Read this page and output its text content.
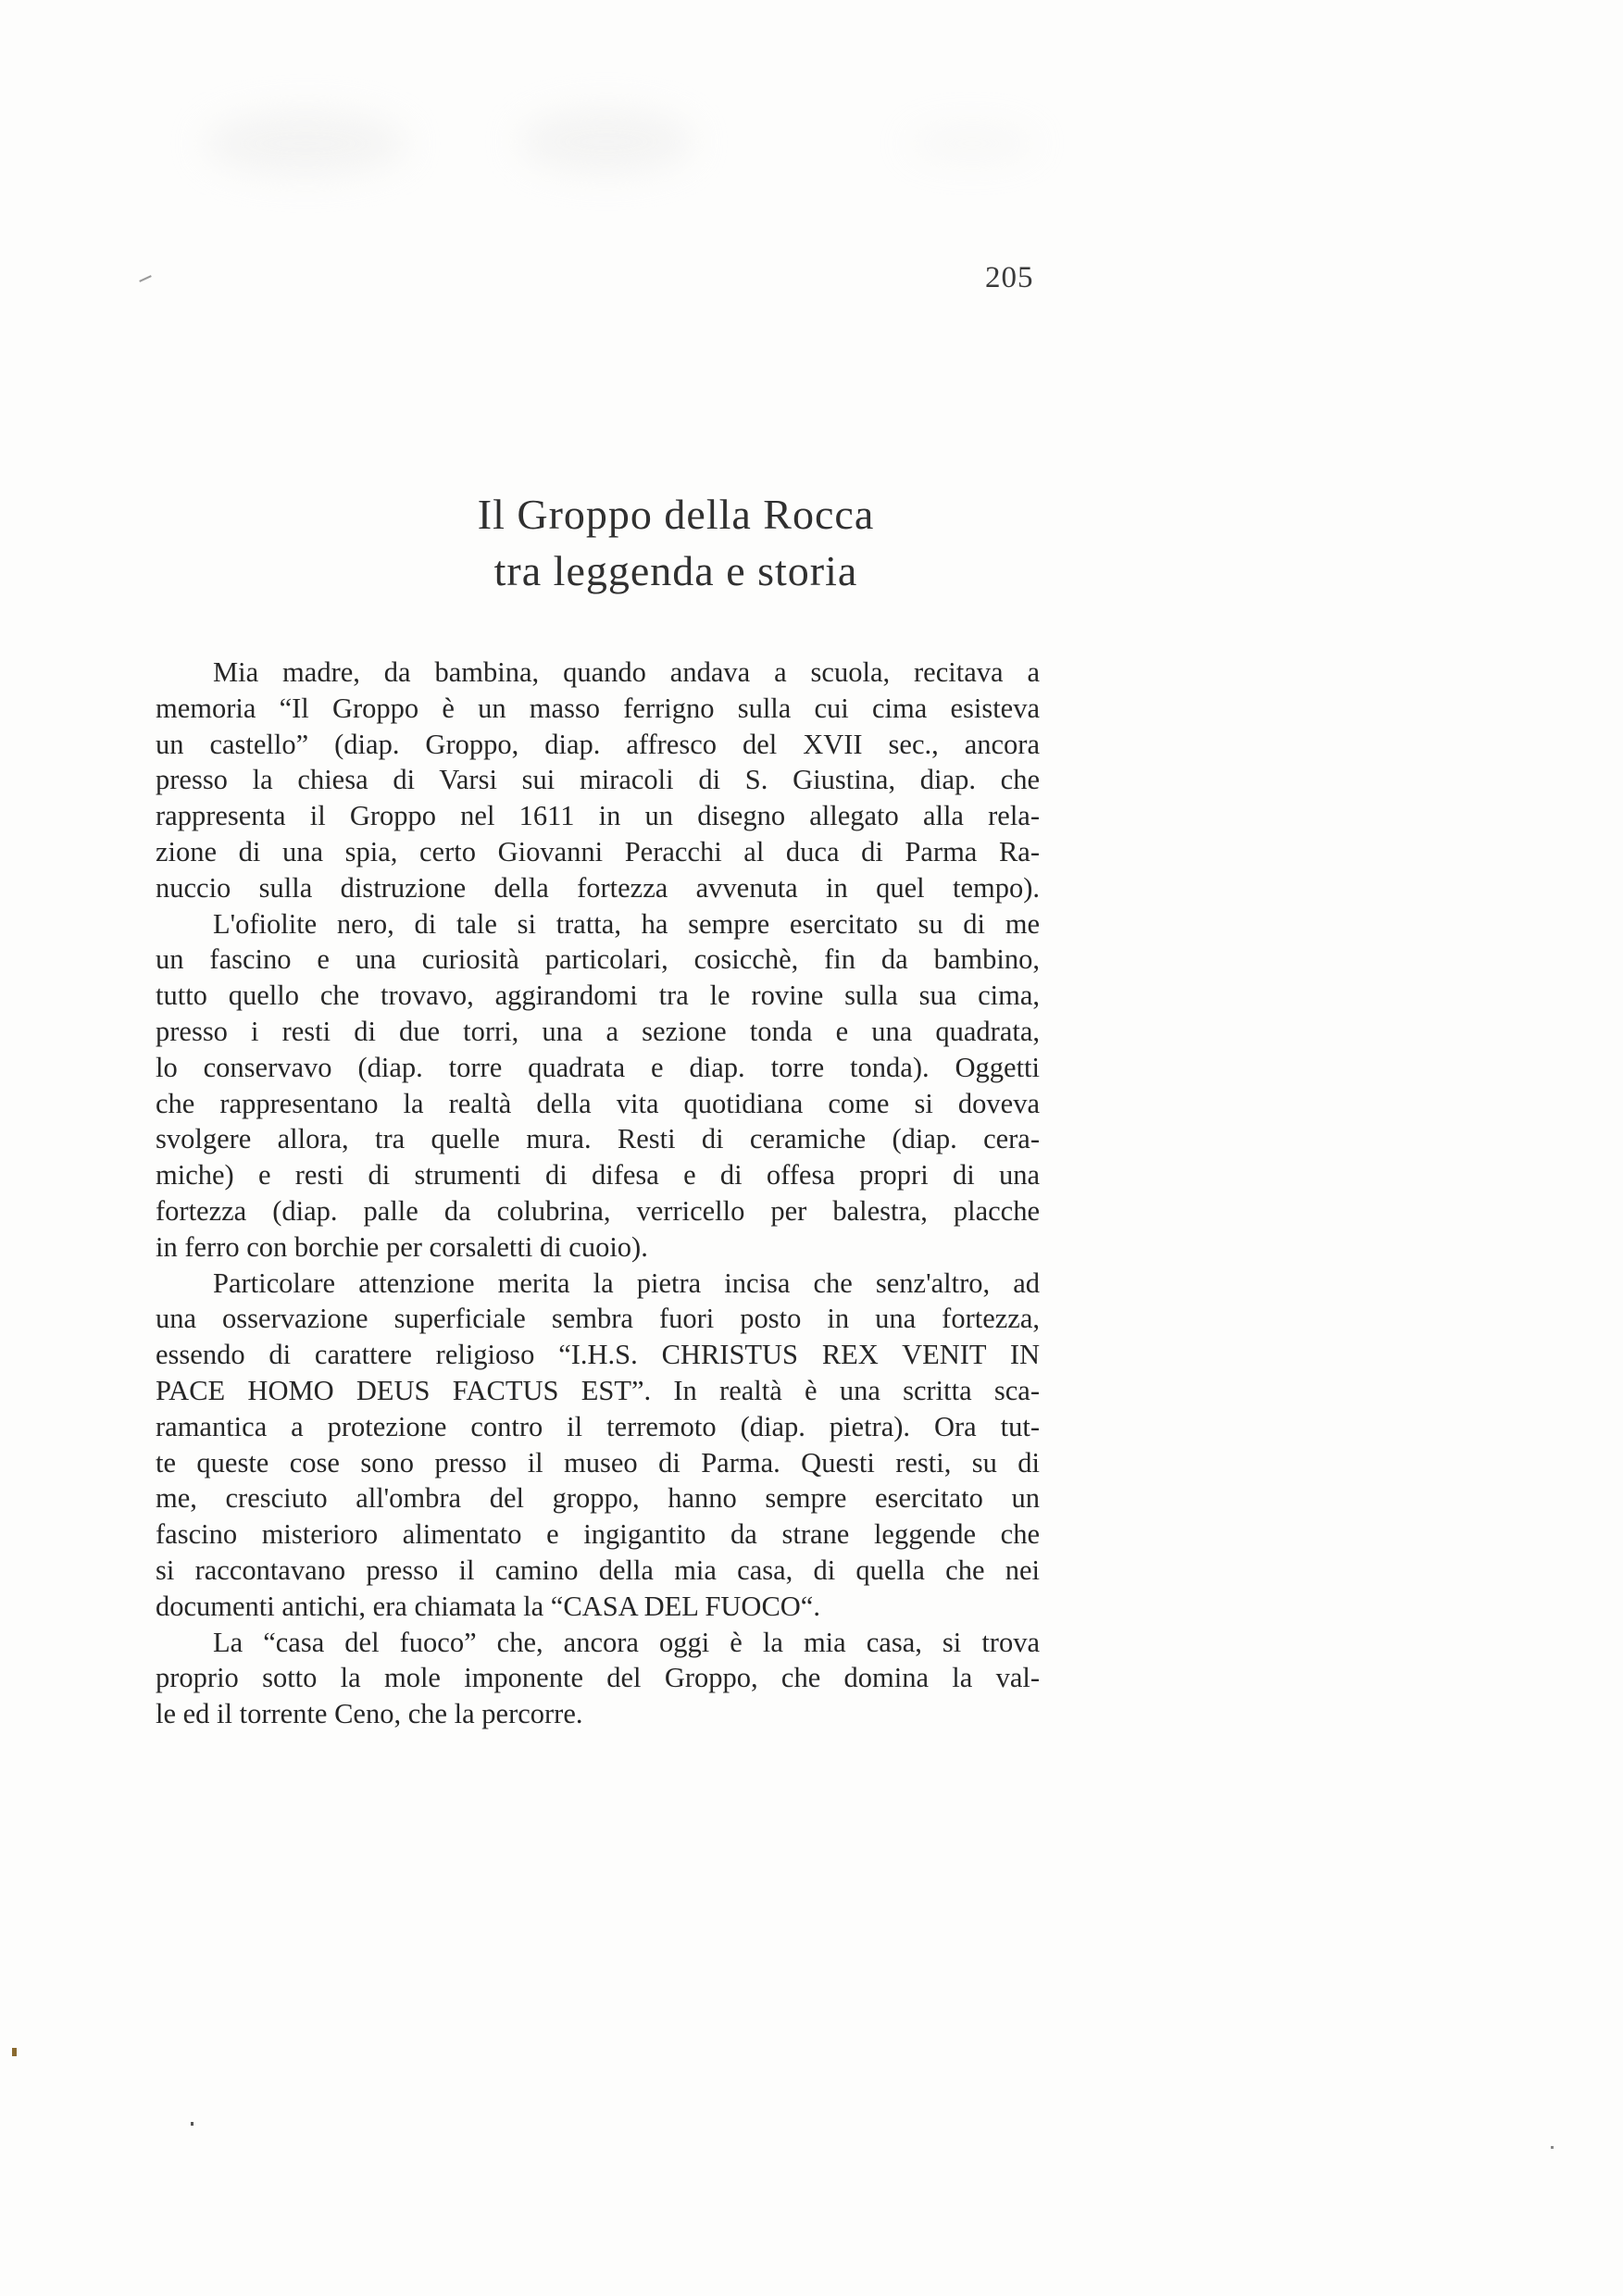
205
Il Groppo della Rocca
tra leggenda e storia
Mia madre, da bambina, quando andava a scuola, recitava a
memoria “Il Groppo è un masso ferrigno sulla cui cima esisteva
un castello” (diap. Groppo, diap. affresco del XVII sec., ancora
presso la chiesa di Varsi sui miracoli di S. Giustina, diap. che
rappresenta il Groppo nel 1611 in un disegno allegato alla rela-
zione di una spia, certo Giovanni Peracchi al duca di Parma Ra-
nuccio sulla distruzione della fortezza avvenuta in quel tempo).
L'ofiolite nero, di tale si tratta, ha sempre esercitato su di me
un fascino e una curiosità particolari, cosicchè, fin da bambino,
tutto quello che trovavo, aggirandomi tra le rovine sulla sua cima,
presso i resti di due torri, una a sezione tonda e una quadrata,
lo conservavo (diap. torre quadrata e diap. torre tonda). Oggetti
che rappresentano la realtà della vita quotidiana come si doveva
svolgere allora, tra quelle mura. Resti di ceramiche (diap. cera-
miche) e resti di strumenti di difesa e di offesa propri di una
fortezza (diap. palle da colubrina, verricello per balestra, placche
in ferro con borchie per corsaletti di cuoio).
Particolare attenzione merita la pietra incisa che senz'altro, ad
una osservazione superficiale sembra fuori posto in una fortezza,
essendo di carattere religioso “I.H.S. CHRISTUS REX VENIT IN
PACE HOMO DEUS FACTUS EST”. In realtà è una scritta sca-
ramantica a protezione contro il terremoto (diap. pietra). Ora tut-
te queste cose sono presso il museo di Parma. Questi resti, su di
me, cresciuto all'ombra del groppo, hanno sempre esercitato un
fascino misterioro alimentato e ingigantito da strane leggende che
si raccontavano presso il camino della mia casa, di quella che nei
documenti antichi, era chiamata la “CASA DEL FUOCO“.
La “casa del fuoco” che, ancora oggi è la mia casa, si trova
proprio sotto la mole imponente del Groppo, che domina la val-
le ed il torrente Ceno, che la percorre.
